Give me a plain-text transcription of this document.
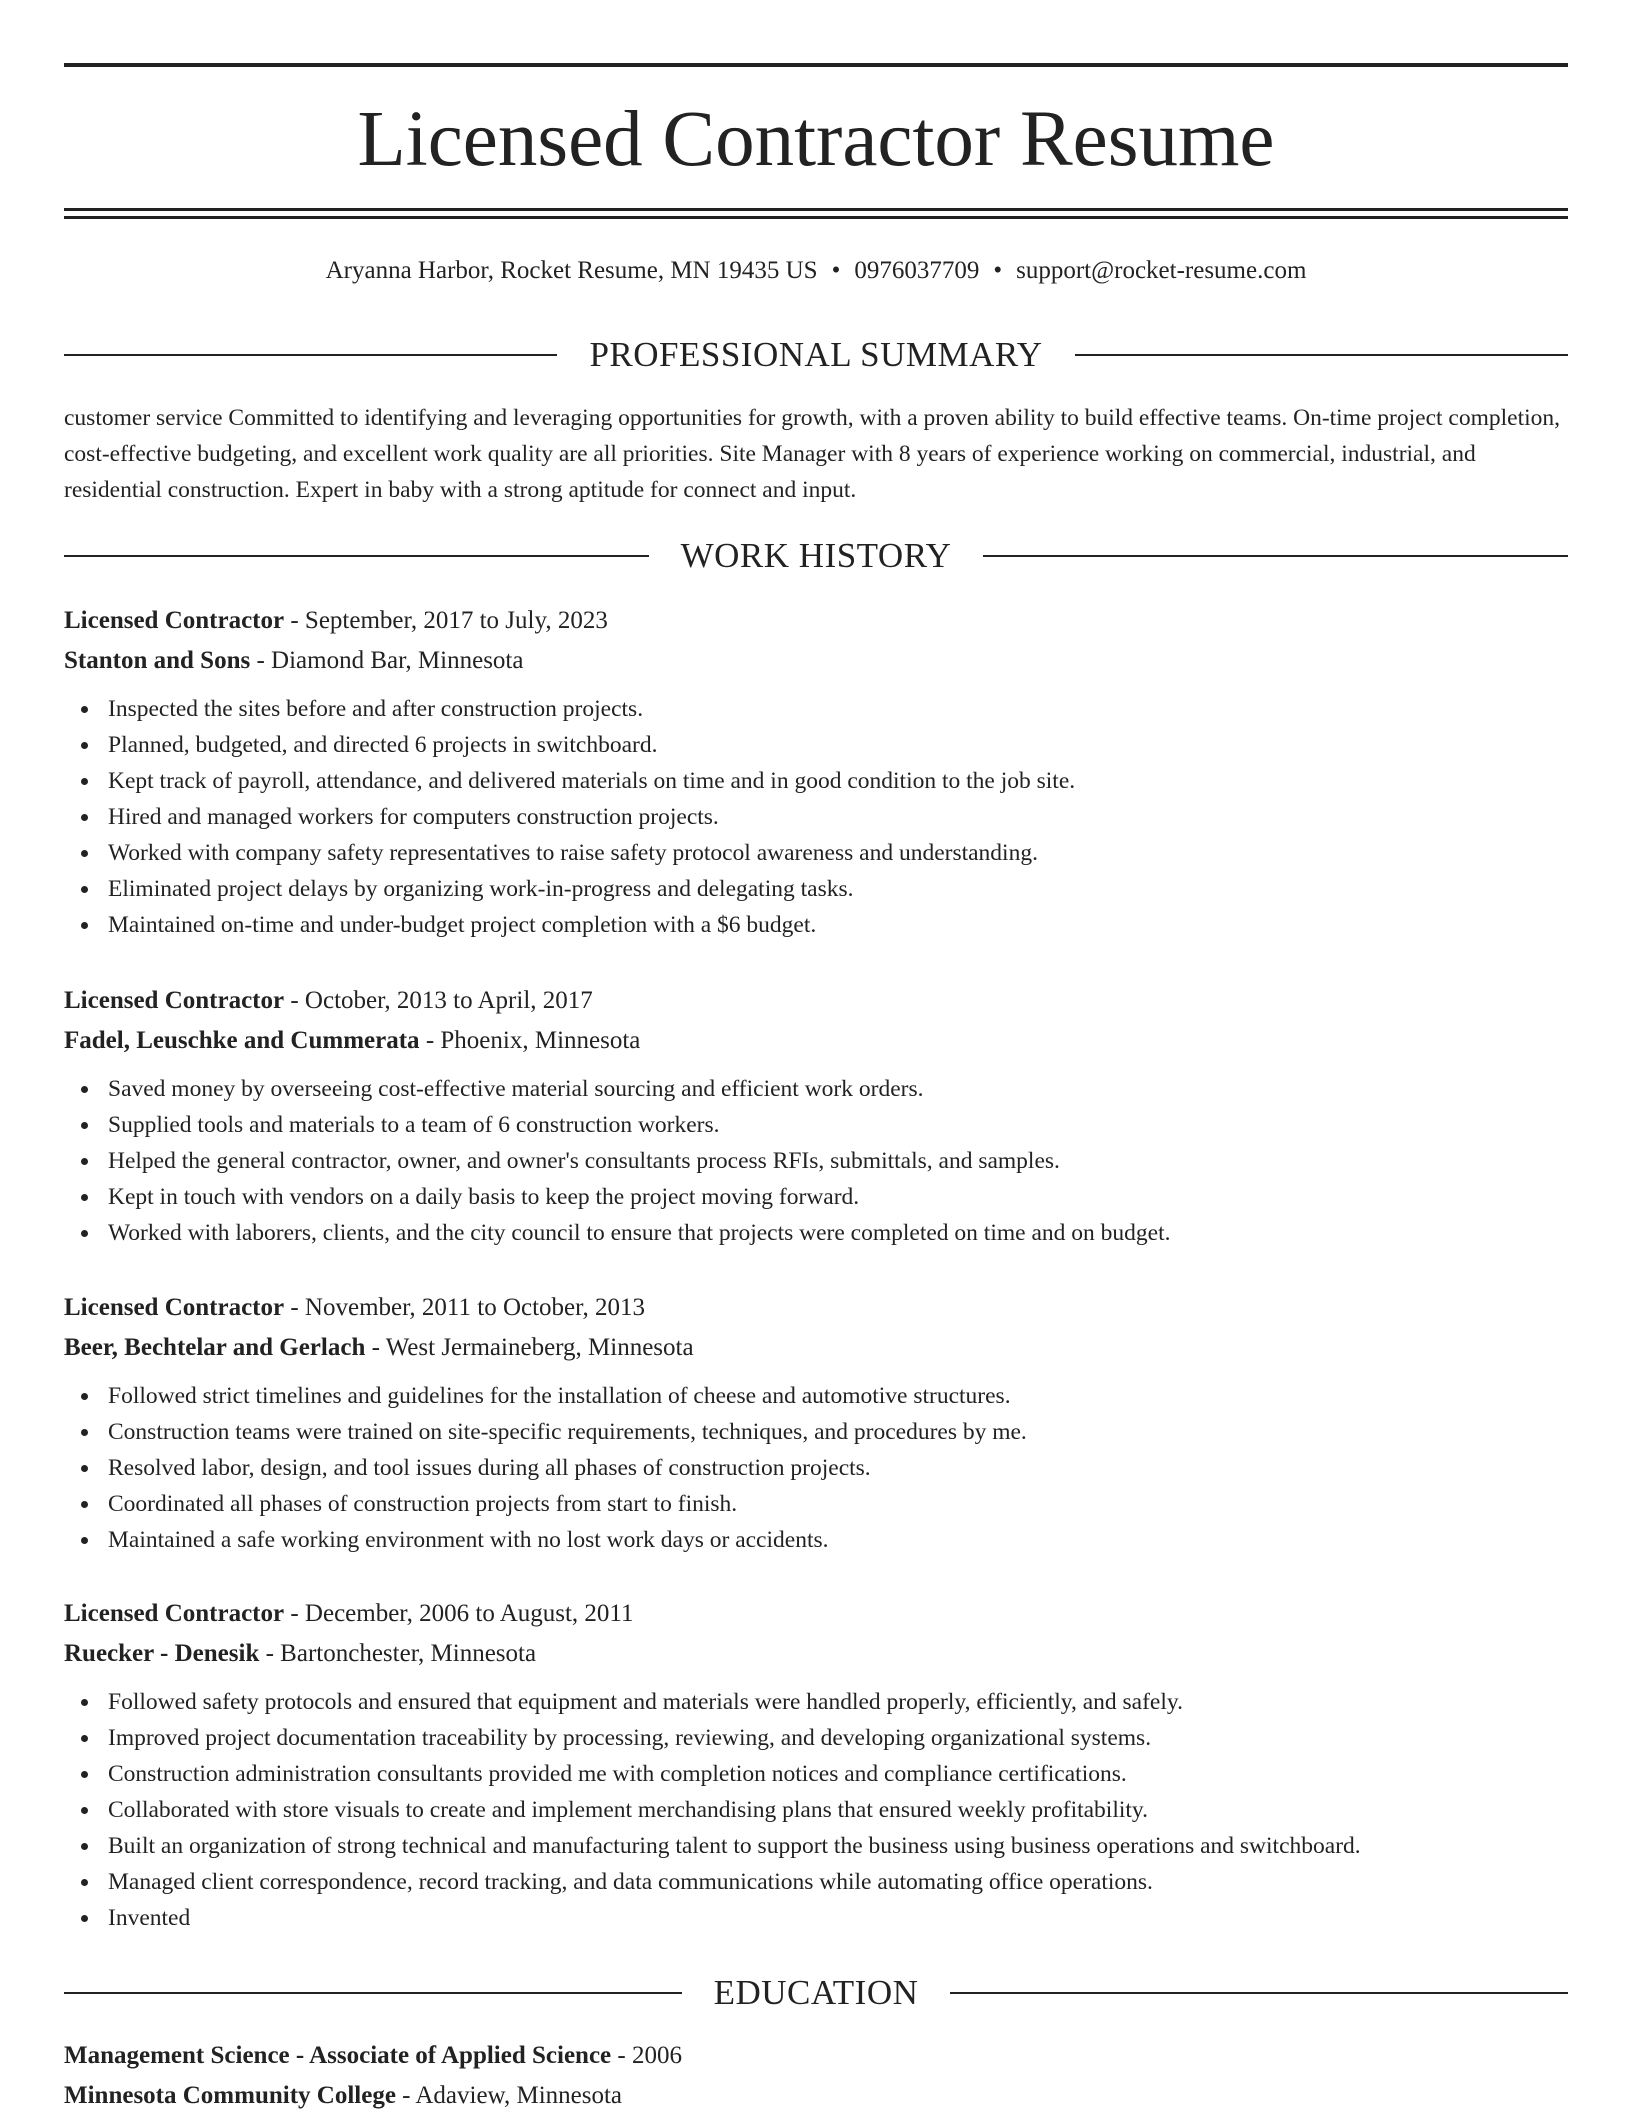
Licensed Contractor Resume
Aryanna Harbor, Rocket Resume, MN 19435 US • 0976037709 • support@rocket-resume.com
PROFESSIONAL SUMMARY

customer service Committed to identifying and leveraging opportunities for growth, with a proven ability to build effective teams. On-time project completion, cost-effective budgeting, and excellent work quality are all priorities. Site Manager with 8 years of experience working on commercial, industrial, and residential construction. Expert in baby with a strong aptitude for connect and input.

WORK HISTORY
Licensed Contractor - September, 2017 to July, 2023
Stanton and Sons - Diamond Bar, Minnesota
Inspected the sites before and after construction projects.
Planned, budgeted, and directed 6 projects in switchboard.
Kept track of payroll, attendance, and delivered materials on time and in good condition to the job site.
Hired and managed workers for computers construction projects.
Worked with company safety representatives to raise safety protocol awareness and understanding.
Eliminated project delays by organizing work-in-progress and delegating tasks.
Maintained on-time and under-budget project completion with a $6 budget.
Licensed Contractor - October, 2013 to April, 2017
Fadel, Leuschke and Cummerata - Phoenix, Minnesota
Saved money by overseeing cost-effective material sourcing and efficient work orders.
Supplied tools and materials to a team of 6 construction workers.
Helped the general contractor, owner, and owner's consultants process RFIs, submittals, and samples.
Kept in touch with vendors on a daily basis to keep the project moving forward.
Worked with laborers, clients, and the city council to ensure that projects were completed on time and on budget.
Licensed Contractor - November, 2011 to October, 2013
Beer, Bechtelar and Gerlach - West Jermaineberg, Minnesota
Followed strict timelines and guidelines for the installation of cheese and automotive structures.
Construction teams were trained on site-specific requirements, techniques, and procedures by me.
Resolved labor, design, and tool issues during all phases of construction projects.
Coordinated all phases of construction projects from start to finish.
Maintained a safe working environment with no lost work days or accidents.
Licensed Contractor - December, 2006 to August, 2011
Ruecker - Denesik - Bartonchester, Minnesota
Followed safety protocols and ensured that equipment and materials were handled properly, efficiently, and safely.
Improved project documentation traceability by processing, reviewing, and developing organizational systems.
Construction administration consultants provided me with completion notices and compliance certifications.
Collaborated with store visuals to create and implement merchandising plans that ensured weekly profitability.
Built an organization of strong technical and manufacturing talent to support the business using business operations and switchboard.
Managed client correspondence, record tracking, and data communications while automating office operations.
Invented
EDUCATION
Management Science - Associate of Applied Science - 2006
Minnesota Community College - Adaview, Minnesota
